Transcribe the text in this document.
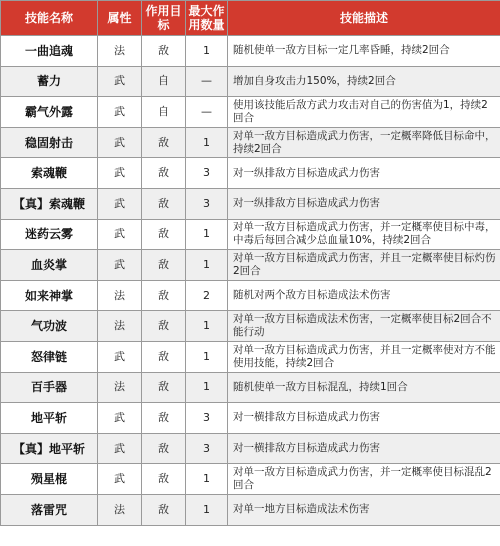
技能名称	属性	作用目标	最大作用数量	技能描述
一曲追魂	法	敌	1	随机使单一敌方目标一定几率昏睡，持续2回合
蓄力	武	自	—	增加自身攻击力150%，持续2回合
霸气外露	武	自	—	使用该技能后敌方武力攻击对自己的伤害值为1，持续2回合
稳固射击	武	敌	1	对单一敌方目标造成武力伤害，一定概率降低目标命中，持续2回合
索魂鞭	武	敌	3	对一纵排敌方目标造成武力伤害
【真】索魂鞭	武	敌	3	对一纵排敌方目标造成武力伤害
迷药云雾	武	敌	1	对单一敌方目标造成武力伤害，并一定概率使目标中毒，中毒后每回合减少总血量10%，持续2回合
血炎掌	武	敌	1	对单一敌方目标造成武力伤害，并且一定概率使目标灼伤2回合
如来神掌	法	敌	2	随机对两个敌方目标造成法术伤害
气功波	法	敌	1	对单一敌方目标造成法术伤害，一定概率使目标2回合不能行动
怒律链	武	敌	1	对单一敌方目标造成武力伤害，并且一定概率使对方不能使用技能，持续2回合
百手器	法	敌	1	随机使单一敌方目标混乱，持续1回合
地平斩	武	敌	3	对一横排敌方目标造成武力伤害
【真】地平斩	武	敌	3	对一横排敌方目标造成武力伤害
殒星棍	武	敌	1	对单一敌方目标造成武力伤害，并一定概率使目标混乱2回合
落雷咒	法	敌	1	对单一地方目标造成法术伤害
